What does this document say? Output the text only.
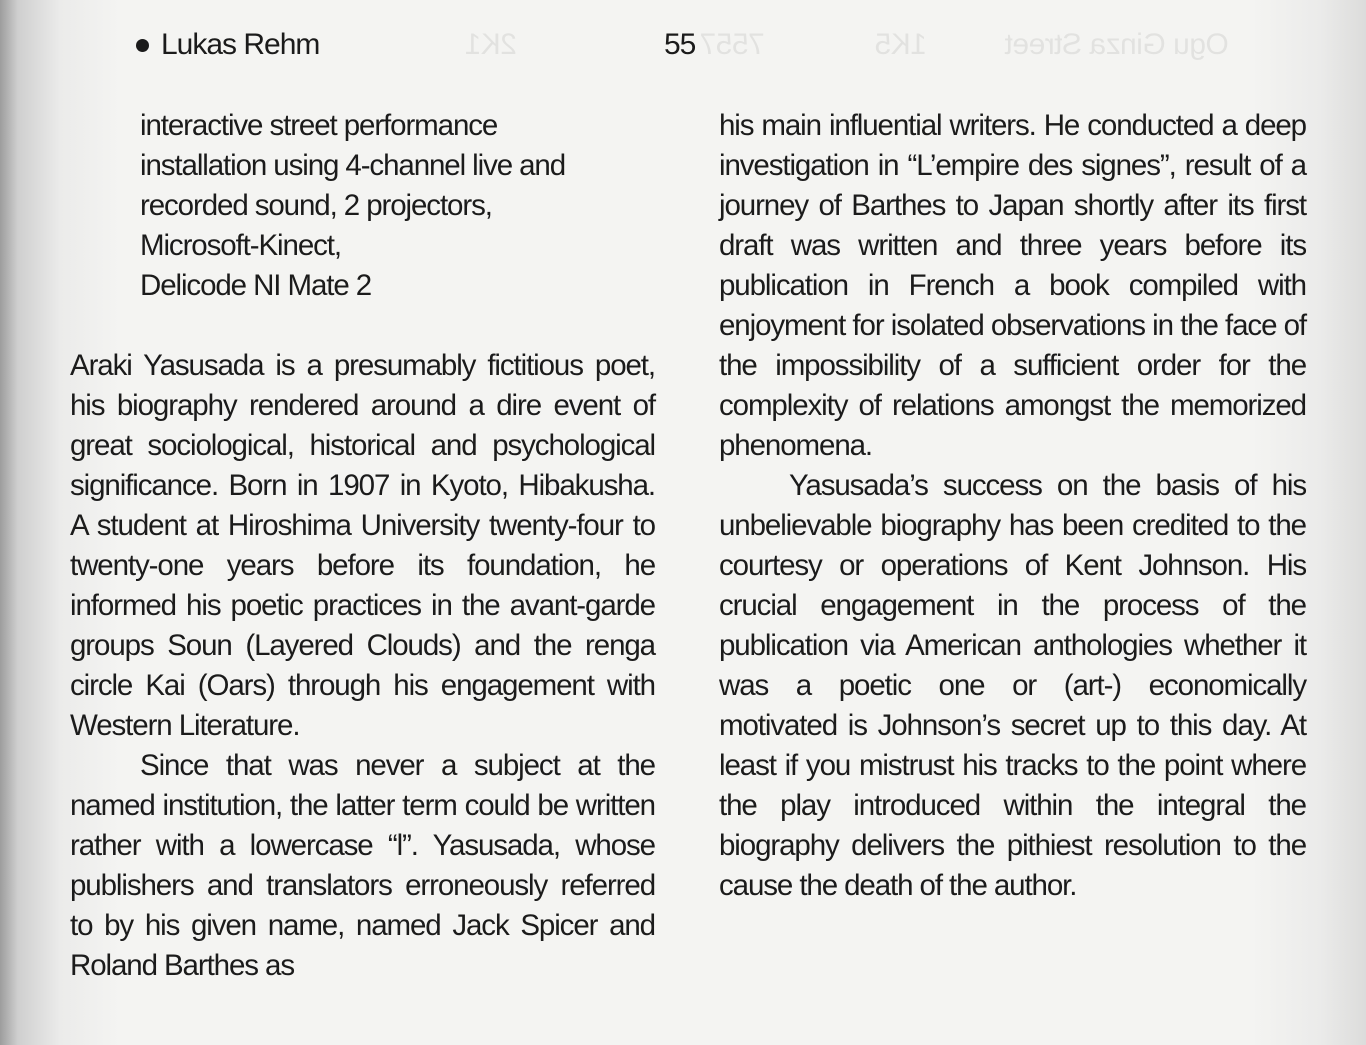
Ogu Ginza Street
1K5
2K1	7557
Lukas Rehm	55
interactive street performance
installation using 4-channel live and
recorded sound, 2 projectors,
Microsoft-Kinect,
Delicode NI Mate 2

Araki Yasusada is a presumably fictitious poet, his biography rendered around a dire event of great sociological, historical and psychological significance. Born in 1907 in Kyoto, Hibakusha. A student at Hiroshima University twenty-four to twenty-one years before its foundation, he informed his poetic practices in the avant-garde groups Soun (Layered Clouds) and the renga circle Kai (Oars) through his engagement with Western Literature.

Since that was never a subject at the named institution, the latter term could be written rather with a lowercase “l”. Yasusada, whose publishers and translators erroneously referred to by his given name, named Jack Spicer and Roland Barthes as

his main influential writers. He conducted a deep investigation in “L’empire des signes”, result of a journey of Barthes to Japan shortly after its first draft was written and three years before its publication in French a book compiled with enjoyment for isolated observations in the face of the impossibility of a sufficient order for the complexity of relations amongst the memorized phenomena.

Yasusada’s success on the basis of his unbelievable biography has been credited to the courtesy or operations of Kent Johnson. His crucial engagement in the process of the publication via American anthologies whether it was a poetic one or (art-) economically motivated is Johnson’s secret up to this day. At least if you mistrust his tracks to the point where the play introduced within the integral the biography delivers the pithiest resolution to the cause the death of the author.
